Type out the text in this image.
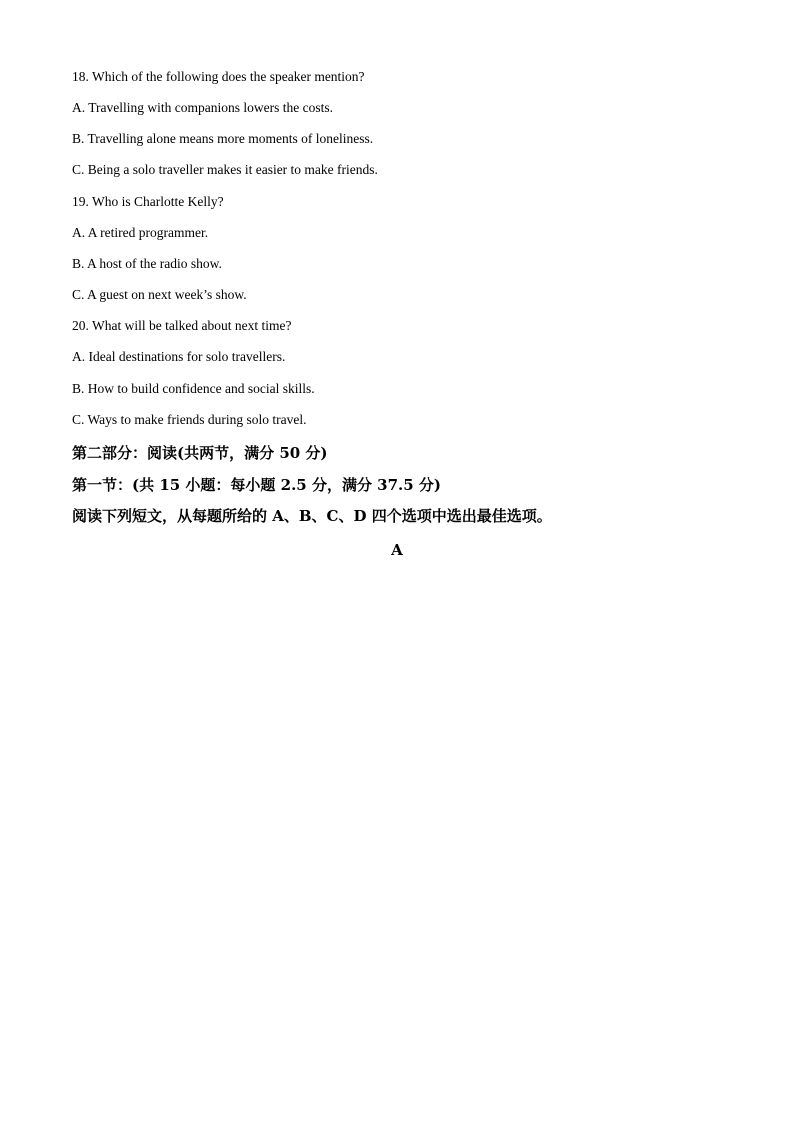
18. Which of the following does the speaker mention?
A. Travelling with companions lowers the costs.
B. Travelling alone means more moments of loneliness.
C. Being a solo traveller makes it easier to make friends.
19. Who is Charlotte Kelly?
A. A retired programmer.
B. A host of the radio show.
C. A guest on next week’s show.
20. What will be talked about next time?
A. Ideal destinations for solo travellers.
B. How to build confidence and social skills.
C. Ways to make friends during solo travel.
第二部分：阅读(共两节，满分 50 分)
第一节：(共 15 小题：每小题 2.5 分，满分 37.5 分)
阅读下列短文，从每题所给的 A、B、C、D 四个选项中选出最佳选项。
A
